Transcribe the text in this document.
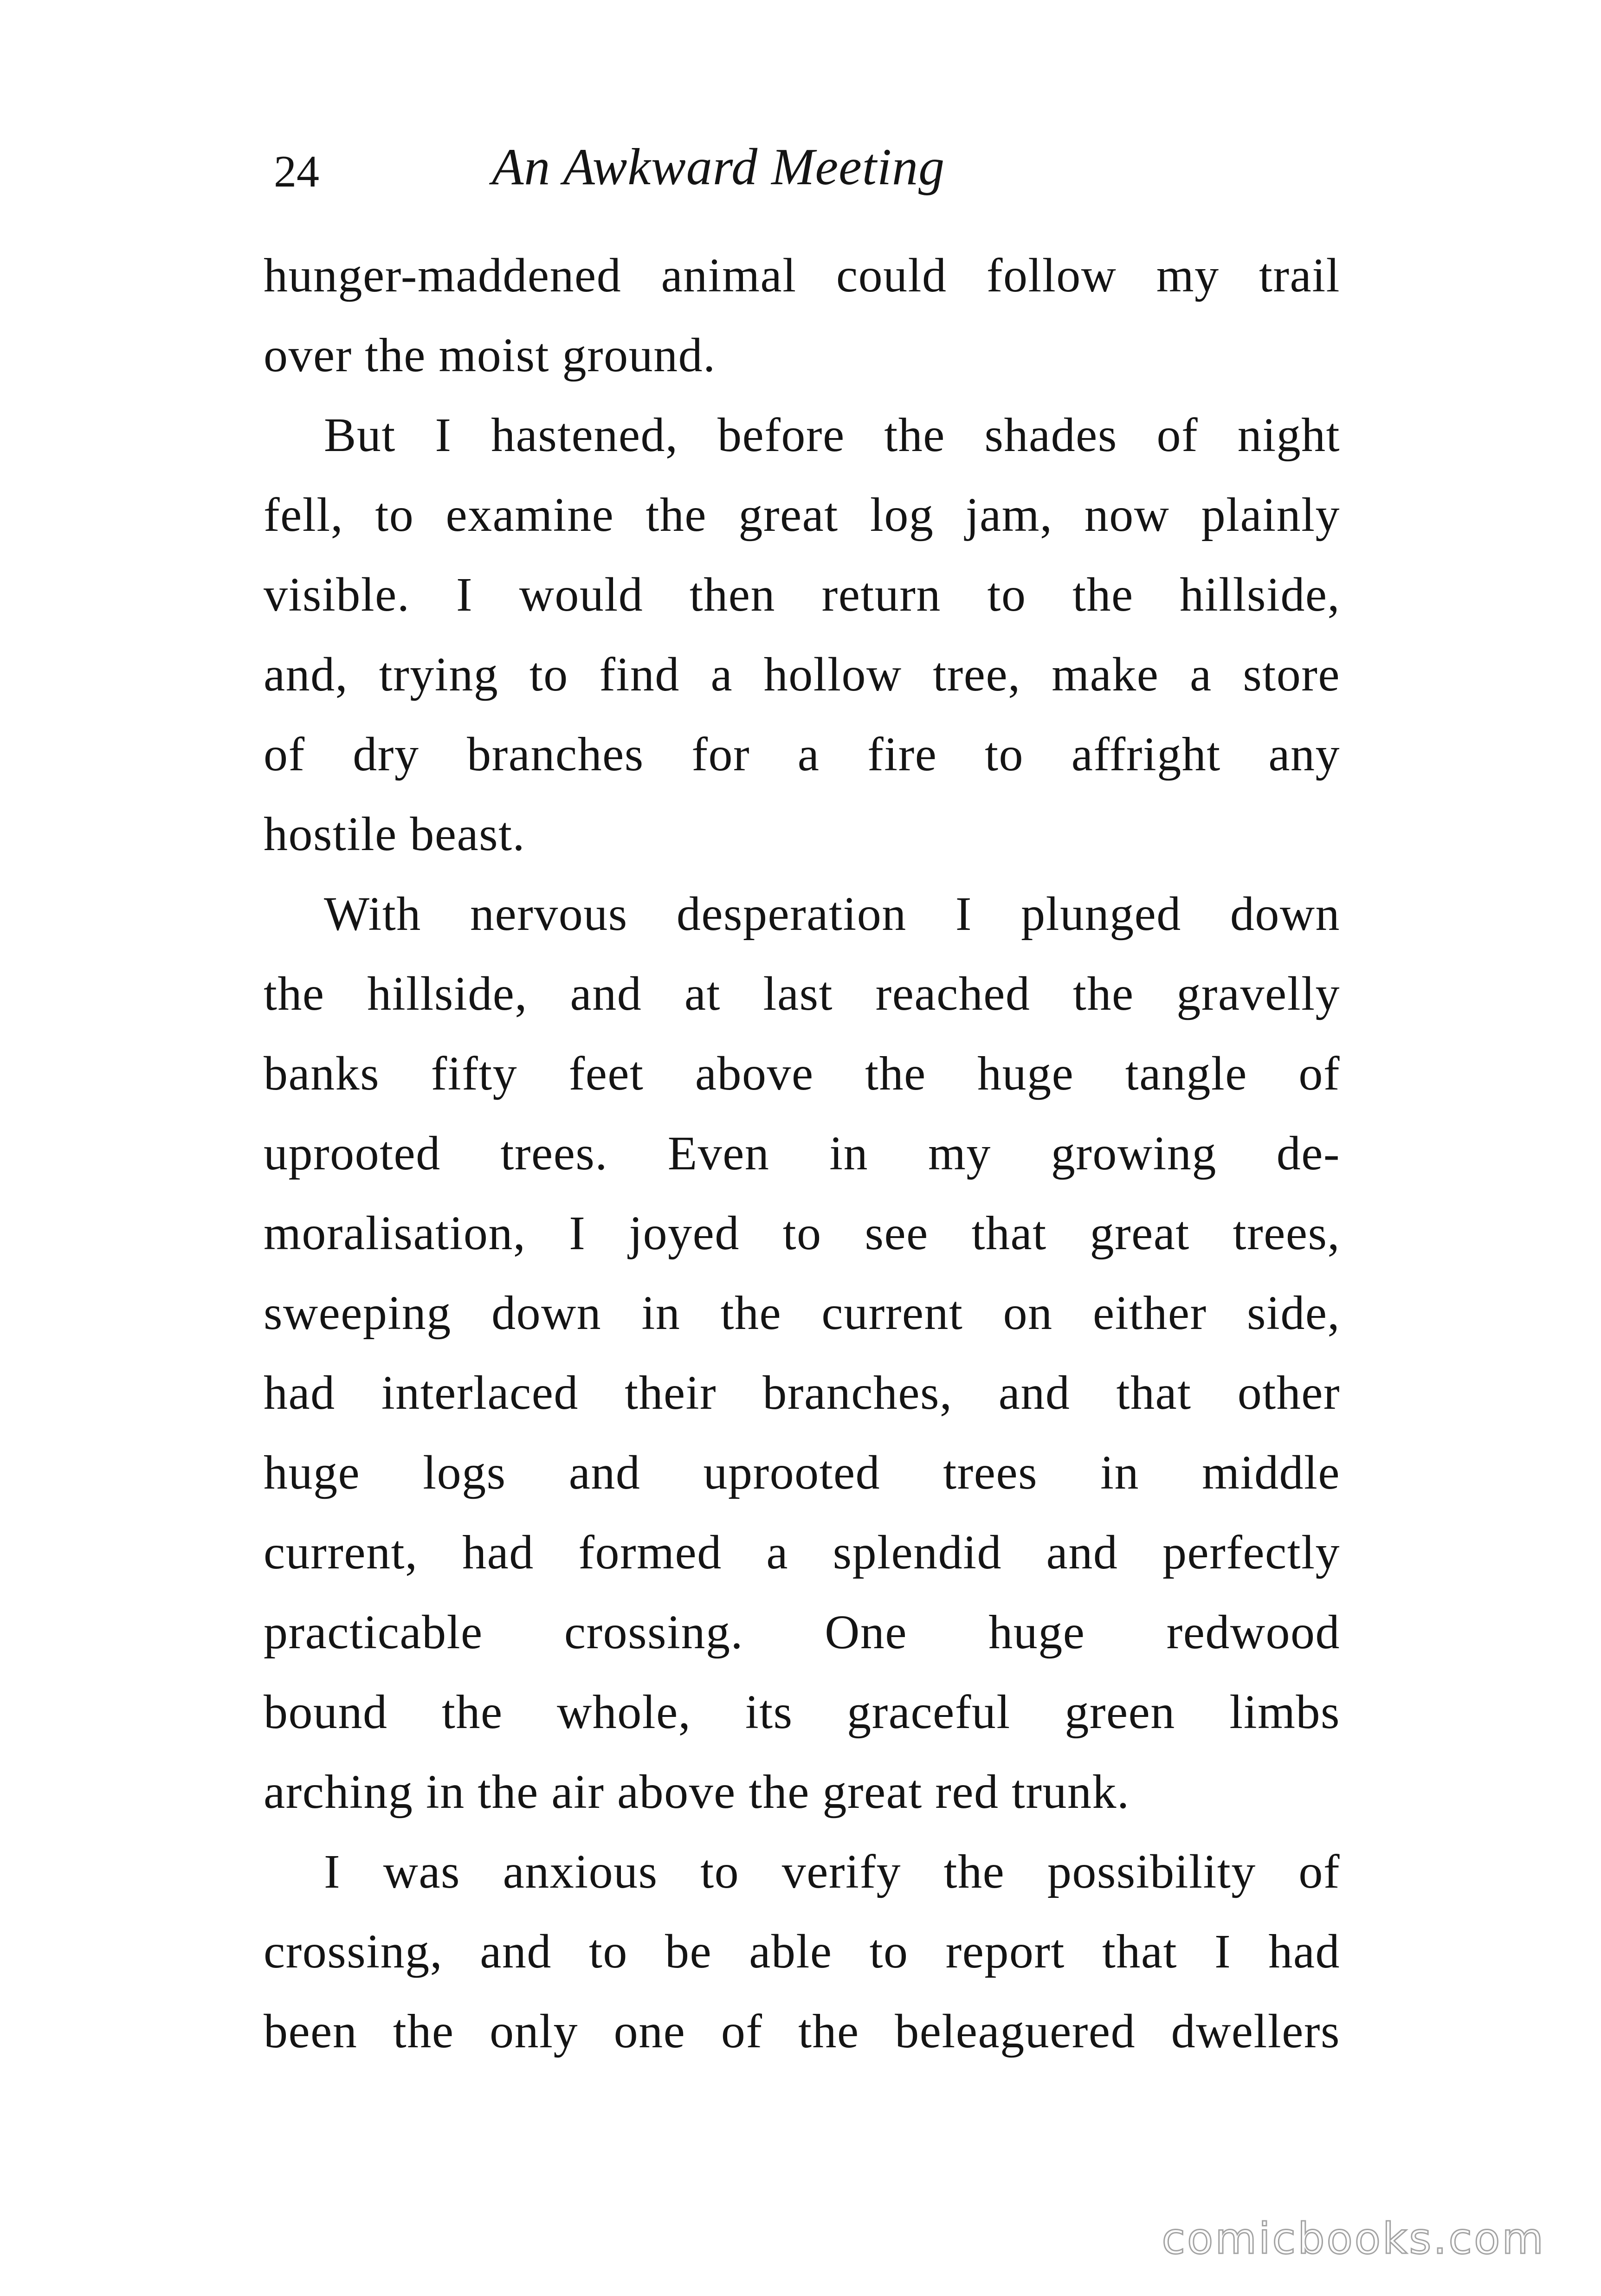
24	An Awkward Meeting

hunger-maddened animal could follow my trail
over the moist ground.

But I hastened, before the shades of night
fell, to examine the great log jam, now plainly
visible. I would then return to the hillside,
and, trying to find a hollow tree, make a store
of dry branches for a fire to affright any
hostile beast.

With nervous desperation I plunged down
the hillside, and at last reached the gravelly
banks fifty feet above the huge tangle of
uprooted trees. Even in my growing de-
moralisation, I joyed to see that great trees,
sweeping down in the current on either side,
had interlaced their branches, and that other
huge logs and uprooted trees in middle
current, had formed a splendid and perfectly
practicable crossing. One huge redwood
bound the whole, its graceful green limbs
arching in the air above the great red trunk.

I was anxious to verify the possibility of
crossing, and to be able to report that I had
been the only one of the beleaguered dwellers

comicbooks.com
